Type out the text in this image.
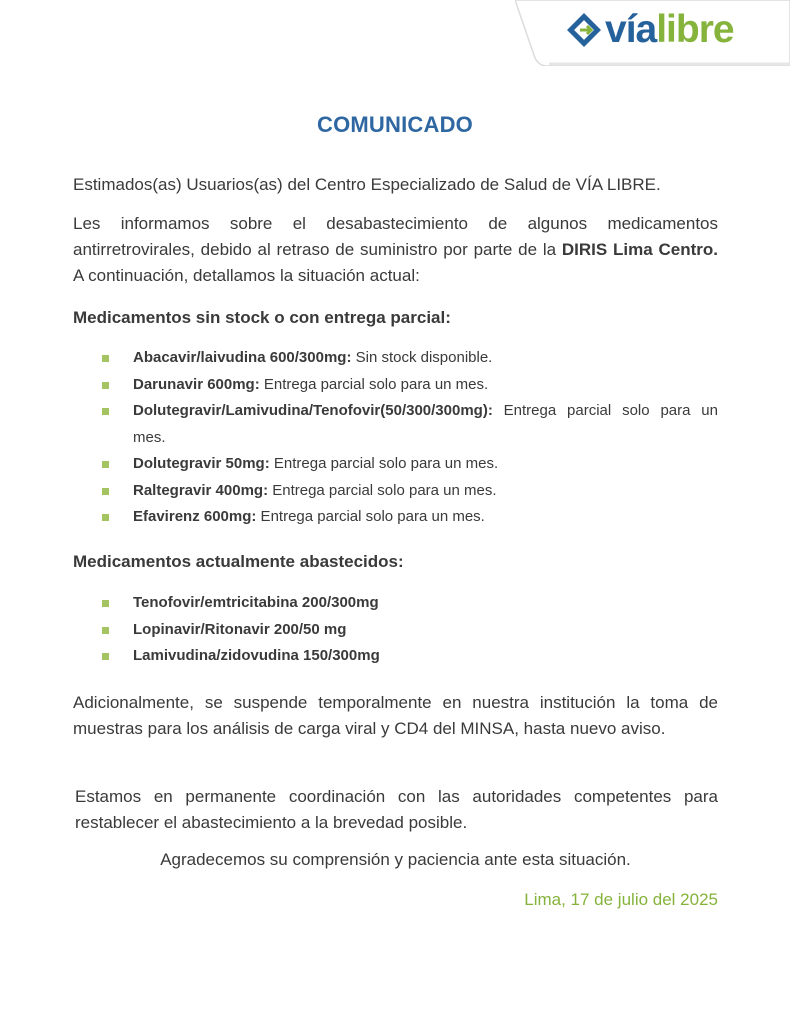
víalibre
COMUNICADO

Estimados(as) Usuarios(as) del Centro Especializado de Salud de VÍA LIBRE.

Les informamos sobre el desabastecimiento de algunos medicamentos antirretrovirales, debido al retraso de suministro por parte de la DIRIS Lima Centro. A continuación, detallamos la situación actual:

Medicamentos sin stock o con entrega parcial:

Abacavir/laivudina 600/300mg: Sin stock disponible.
Darunavir 600mg: Entrega parcial solo para un mes.
Dolutegravir/Lamivudina/Tenofovir(50/300/300mg): Entrega parcial solo para un mes.
Dolutegravir 50mg: Entrega parcial solo para un mes.
Raltegravir 400mg: Entrega parcial solo para un mes.
Efavirenz 600mg: Entrega parcial solo para un mes.

Medicamentos actualmente abastecidos:

Tenofovir/emtricitabina 200/300mg
Lopinavir/Ritonavir 200/50 mg
Lamivudina/zidovudina 150/300mg

Adicionalmente, se suspende temporalmente en nuestra institución la toma de muestras para los análisis de carga viral y CD4 del MINSA, hasta nuevo aviso.

Estamos en permanente coordinación con las autoridades competentes para restablecer el abastecimiento a la brevedad posible.

Agradecemos su comprensión y paciencia ante esta situación.

Lima, 17 de julio del 2025
